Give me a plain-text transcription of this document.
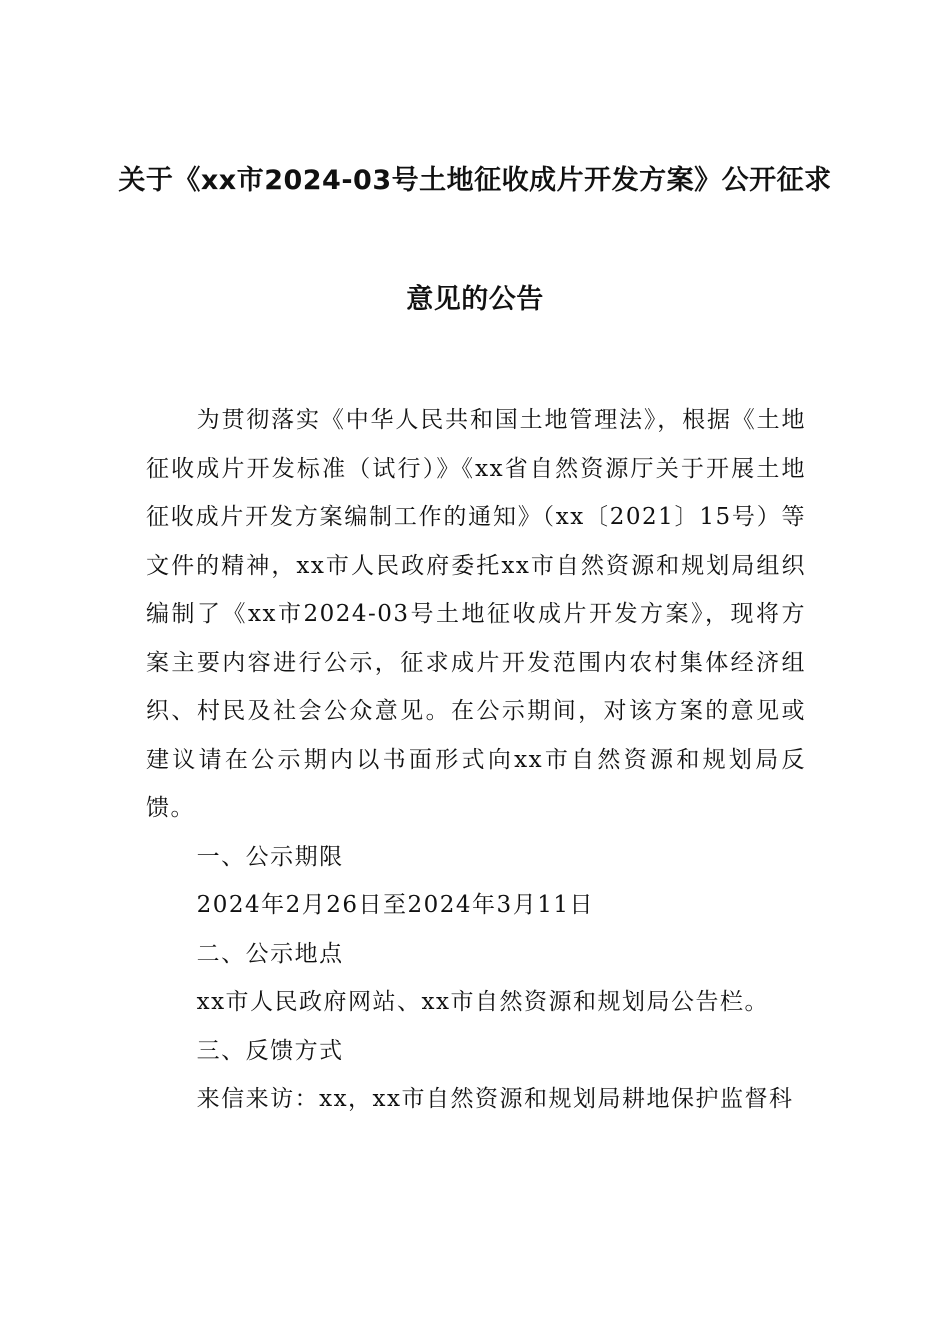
关于《xx市2024-03号土地征收成片开发方案》公开征求
意见的公告

为贯彻落实《中华人民共和国土地管理法》，根据《土地征收成片开发标准（试行）》《xx省自然资源厅关于开展土地征收成片开发方案编制工作的通知》（xx〔2021〕15号）等文件的精神，xx市人民政府委托xx市自然资源和规划局组织编制了《xx市2024-03号土地征收成片开发方案》，现将方案主要内容进行公示，征求成片开发范围内农村集体经济组织、村民及社会公众意见。在公示期间，对该方案的意见或建议请在公示期内以书面形式向xx市自然资源和规划局反馈。

一、公示期限

2024年2月26日至2024年3月11日

二、公示地点

xx市人民政府网站、xx市自然资源和规划局公告栏。

三、反馈方式

来信来访：xx，xx市自然资源和规划局耕地保护监督科
